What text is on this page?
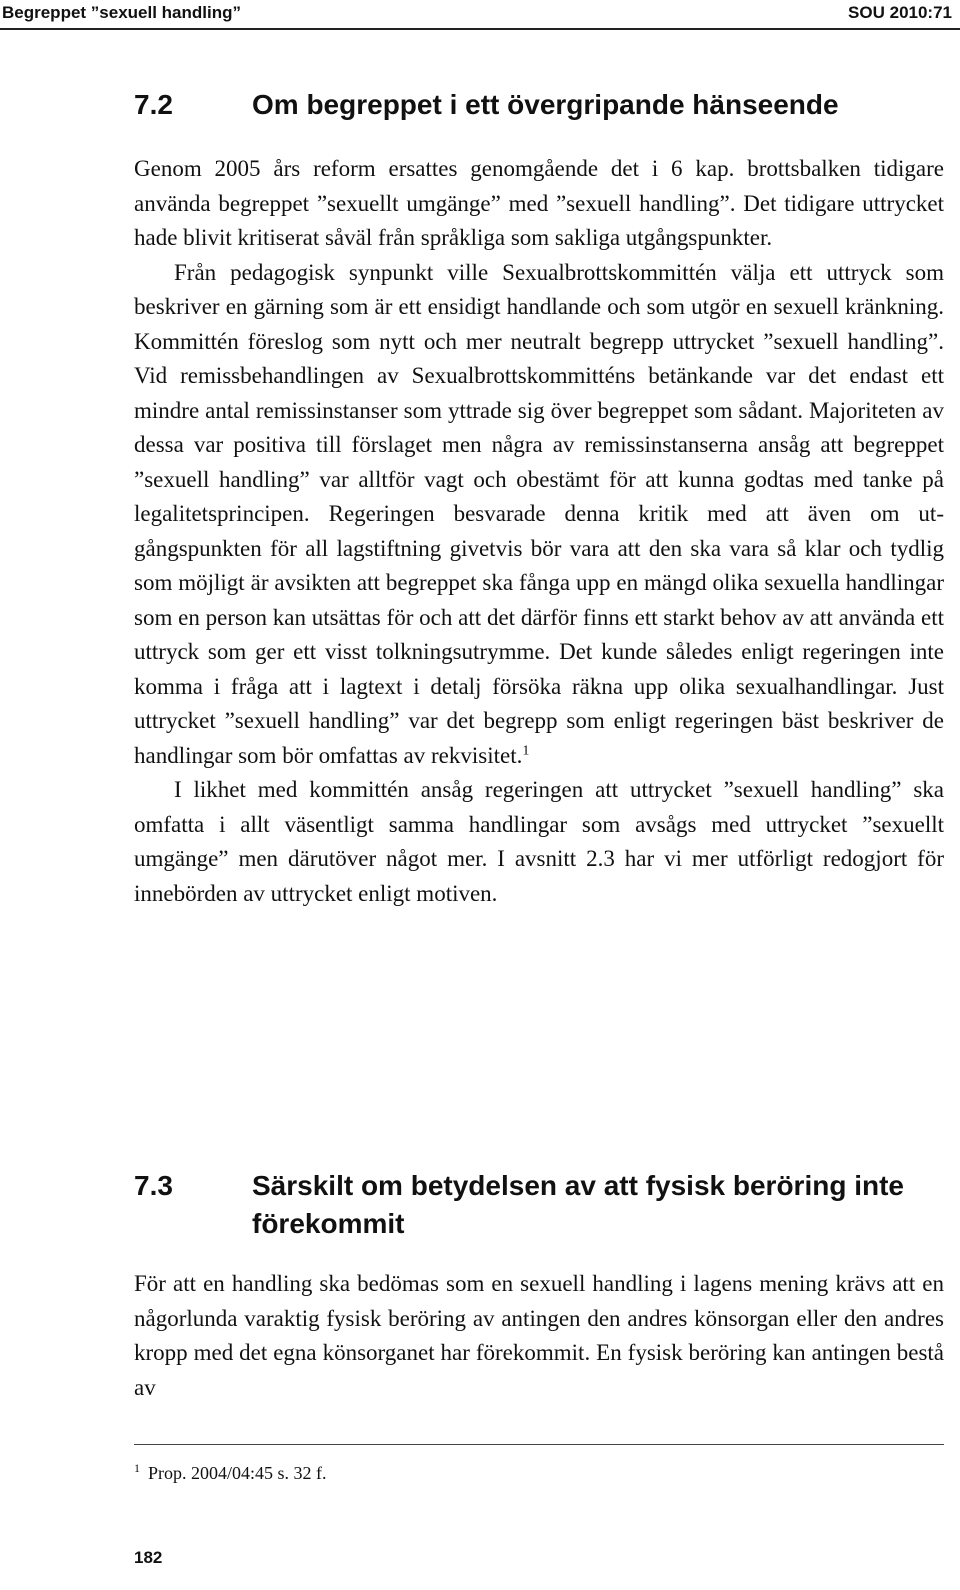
Begreppet ”sexuell handling”	SOU 2010:71
7.2	Om begreppet i ett övergripande hänseende

Genom 2005 års reform ersattes genomgående det i 6 kap. brottsbalken tidigare använda begreppet ”sexuellt umgänge” med ”sexuell handling”. Det tidigare uttrycket hade blivit kritiserat såväl från språkliga som sakliga utgångspunkter.

Från pedagogisk synpunkt ville Sexualbrottskommittén välja ett uttryck som beskriver en gärning som är ett ensidigt handlande och som utgör en sexuell kränkning. Kommittén föreslog som nytt och mer neutralt begrepp uttrycket ”sexuell handling”. Vid remissbehandlingen av Sexualbrottskommitténs betänkande var det endast ett mindre antal remissinstanser som yttrade sig över begreppet som sådant. Majoriteten av dessa var positiva till förslaget men några av remissinstanserna ansåg att begreppet ”sexuell handling” var alltför vagt och obestämt för att kunna godtas med tanke på legalitetsprincipen. Regeringen besvarade denna kritik med att även om utgångspunkten för all lagstiftning givetvis bör vara att den ska vara så klar och tydlig som möjligt är avsikten att begreppet ska fånga upp en mängd olika sexuella handlingar som en person kan utsättas för och att det därför finns ett starkt behov av att använda ett uttryck som ger ett visst tolkningsutrymme. Det kunde således enligt regeringen inte komma i fråga att i lagtext i detalj försöka räkna upp olika sexualhandlingar. Just uttrycket ”sexuell handling” var det begrepp som enligt regeringen bäst beskriver de handlingar som bör omfattas av rekvisitet.$^1$

I likhet med kommittén ansåg regeringen att uttrycket ”sexuell handling” ska omfatta i allt väsentligt samma handlingar som avsågs med uttrycket ”sexuellt umgänge” men därutöver något mer. I avsnitt 2.3 har vi mer utförligt redogjort för innebörden av uttrycket enligt motiven.

7.3	Särskilt om betydelsen av att fysisk beröring inte förekommit

För att en handling ska bedömas som en sexuell handling i lagens mening krävs att en någorlunda varaktig fysisk beröring av antingen den andres könsorgan eller den andres kropp med det egna könsorganet har förekommit. En fysisk beröring kan antingen bestå av

$^1$ Prop. 2004/04:45 s. 32 f.
182
